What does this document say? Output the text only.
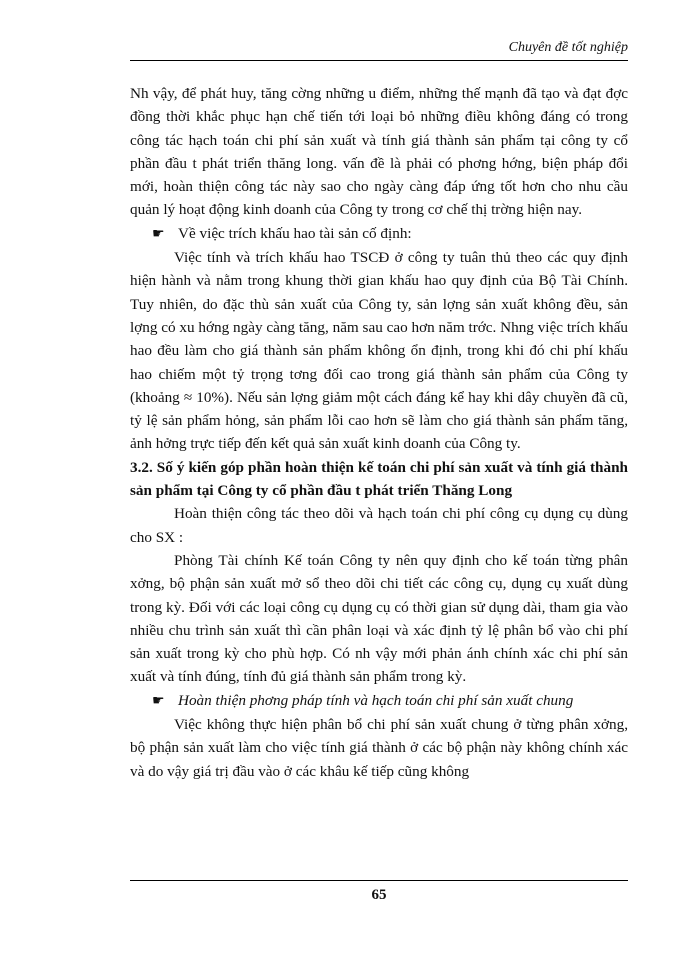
Chuyên đề tốt nghiệp

Nh vậy, để phát huy, tăng cờng những u điểm, những thế mạnh đã tạo và đạt đợc đồng thời khắc phục hạn chế tiến tới loại bỏ những điều không đáng có trong công tác hạch toán chi phí sản xuất và tính giá thành sản phẩm tại công ty cổ phần đầu t phát triển thăng long. vấn đề là phải có phơng hớng, biện pháp đổi mới, hoàn thiện công tác này sao cho ngày càng đáp ứng tốt hơn cho nhu cầu quản lý hoạt động kinh doanh của Công ty trong cơ chế thị trờng hiện nay.

☛ Về việc trích khấu hao tài sản cố định:

Việc tính và trích khấu hao TSCĐ ở công ty tuân thủ theo các quy định hiện hành và nằm trong khung thời gian khấu hao quy định của Bộ Tài Chính. Tuy nhiên, do đặc thù sản xuất của Công ty, sản lợng sản xuất không đều, sản lợng có xu hớng ngày càng tăng, năm sau cao hơn năm trớc. Nhng việc trích khấu hao đều làm cho giá thành sản phẩm không ổn định, trong khi đó chi phí khấu hao chiếm một tỷ trọng tơng đối cao trong giá thành sản phẩm của Công ty (khoảng ≈ 10%). Nếu sản lợng giảm một cách đáng kể hay khi dây chuyền đã cũ, tỷ lệ sản phẩm hỏng, sản phẩm lỗi cao hơn sẽ làm cho giá thành sản phẩm tăng, ảnh hởng trực tiếp đến kết quả sản xuất kinh doanh của Công ty.

3.2. Số ý kiến góp phần hoàn thiện kế toán chi phí sản xuất và tính giá thành sản phẩm tại Công ty cổ phần đầu t phát triển Thăng Long

Hoàn thiện công tác theo dõi và hạch toán chi phí công cụ dụng cụ dùng cho SX :

Phòng Tài chính Kế toán Công ty nên quy định cho kế toán từng phân xởng, bộ phận sản xuất mở sổ theo dõi chi tiết các công cụ, dụng cụ xuất dùng trong kỳ. Đối với các loại công cụ dụng cụ có thời gian sử dụng dài, tham gia vào nhiều chu trình sản xuất thì cần phân loại và xác định tỷ lệ phân bổ vào chi phí sản xuất trong kỳ cho phù hợp. Có nh vậy mới phản ánh chính xác chi phí sản xuất và tính đúng, tính đủ giá thành sản phẩm trong kỳ.

☛ Hoàn thiện phơng pháp tính và hạch toán chi phí sản xuất chung

Việc không thực hiện phân bổ chi phí sản xuất chung ở từng phân xởng, bộ phận sản xuất làm cho việc tính giá thành ở các bộ phận này không chính xác và do vậy giá trị đầu vào ở các khâu kế tiếp cũng không

65
